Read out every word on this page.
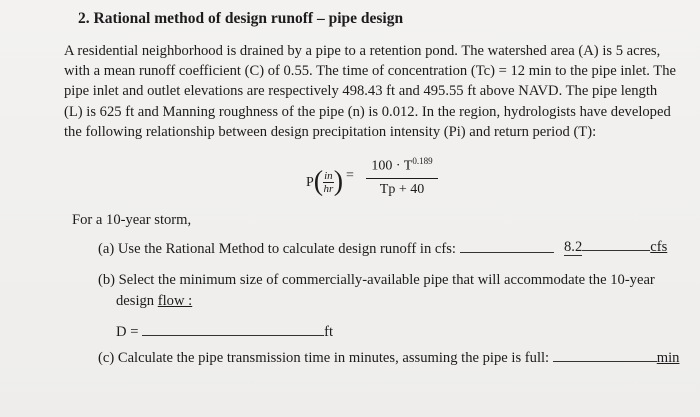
2. Rational method of design runoff – pipe design
A residential neighborhood is drained by a pipe to a retention pond. The watershed area (A) is 5 acres,
with a mean runoff coefficient (C) of 0.55. The time of concentration (Tc) = 12 min to the pipe inlet. The
pipe inlet and outlet elevations are respectively 498.43 ft and 495.55 ft above NAVD. The pipe length
(L) is 625 ft and Manning roughness of the pipe (n) is 0.012. In the region, hydrologists have developed
the following relationship between design precipitation intensity (Pi) and return period (T):
$P( \frac{in}{hr}$ ) = $\frac{100 \cdot T^{0.189}}{Tp + 40}$
For a 10-year storm,
(a) Use the Rational Method to calculate design runoff in cfs:	8.2	cfs
(b) Select the minimum size of commercially-available pipe that will accommodate the 10-year
design flow :
D =	ft
(c) Calculate the pipe transmission time in minutes, assuming the pipe is full:	min
